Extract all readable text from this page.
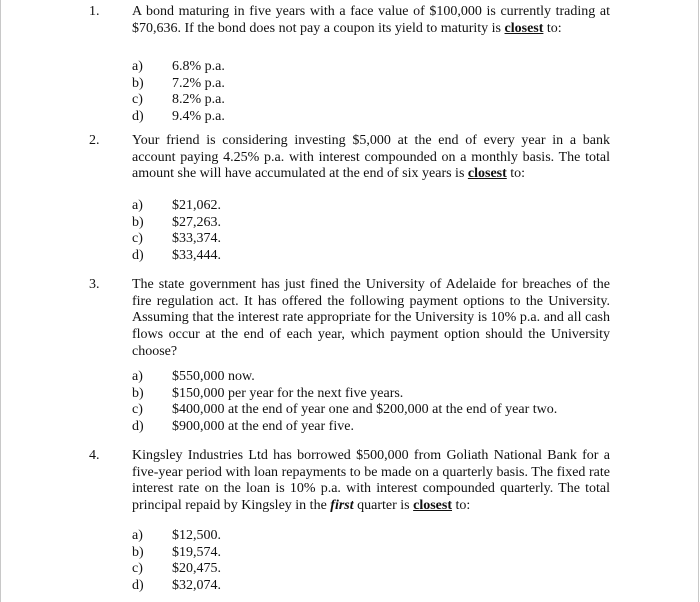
1. A bond maturing in five years with a face value of $100,000 is currently trading at $70,636. If the bond does not pay a coupon its yield to maturity is closest to:
a)	6.8% p.a.
b)	7.2% p.a.
c)	8.2% p.a.
d)	9.4% p.a.
2. Your friend is considering investing $5,000 at the end of every year in a bank account paying 4.25% p.a. with interest compounded on a monthly basis. The total amount she will have accumulated at the end of six years is closest to:
a)	$21,062.
b)	$27,263.
c)	$33,374.
d)	$33,444.
3. The state government has just fined the University of Adelaide for breaches of the fire regulation act. It has offered the following payment options to the University. Assuming that the interest rate appropriate for the University is 10% p.a. and all cash flows occur at the end of each year, which payment option should the University choose?
a)	$550,000 now.
b)	$150,000 per year for the next five years.
c)	$400,000 at the end of year one and $200,000 at the end of year two.
d)	$900,000 at the end of year five.
4. Kingsley Industries Ltd has borrowed $500,000 from Goliath National Bank for a five-year period with loan repayments to be made on a quarterly basis. The fixed rate interest rate on the loan is 10% p.a. with interest compounded quarterly. The total principal repaid by Kingsley in the first quarter is closest to:
a)	$12,500.
b)	$19,574.
c)	$20,475.
d)	$32,074.
